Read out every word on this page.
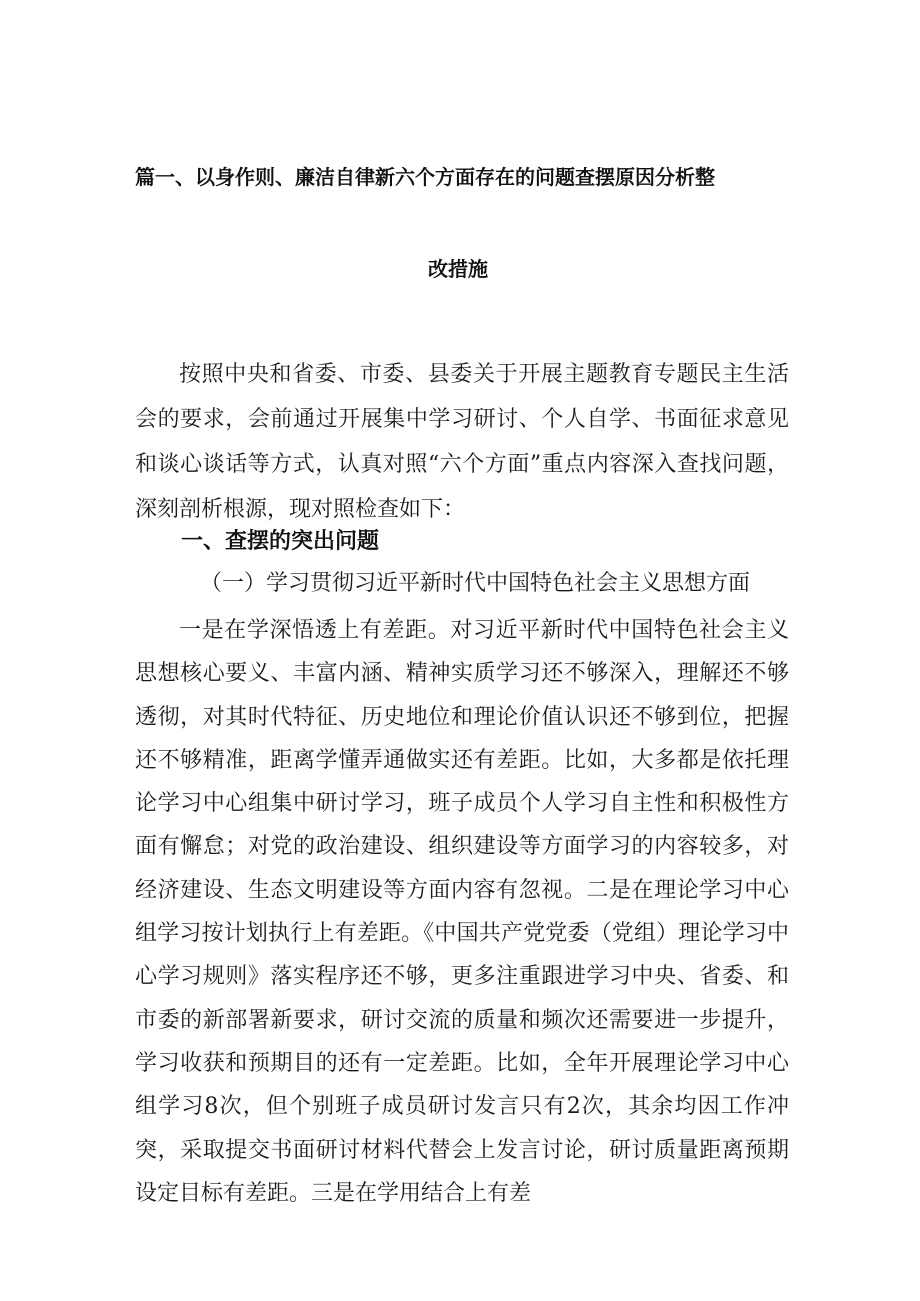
篇一、以身作则、廉洁自律新六个方面存在的问题查摆原因分析整
改措施

按照中央和省委、市委、县委关于开展主题教育专题民主生活会的要求，会前通过开展集中学习研讨、个人自学、书面征求意见和谈心谈话等方式，认真对照“六个方面”重点内容深入查找问题，深刻剖析根源，现对照检查如下：

一、查摆的突出问题
（一）学习贯彻习近平新时代中国特色社会主义思想方面

一是在学深悟透上有差距。对习近平新时代中国特色社会主义思想核心要义、丰富内涵、精神实质学习还不够深入，理解还不够透彻，对其时代特征、历史地位和理论价值认识还不够到位，把握还不够精准，距离学懂弄通做实还有差距。比如，大多都是依托理论学习中心组集中研讨学习，班子成员个人学习自主性和积极性方面有懈怠；对党的政治建设、组织建设等方面学习的内容较多，对经济建设、生态文明建设等方面内容有忽视。二是在理论学习中心组学习按计划执行上有差距。《中国共产党党委（党组）理论学习中心学习规则》落实程序还不够，更多注重跟进学习中央、省委、和市委的新部署新要求，研讨交流的质量和频次还需要进一步提升，学习收获和预期目的还有一定差距。比如，全年开展理论学习中心组学习8次，但个别班子成员研讨发言只有2次，其余均因工作冲突，采取提交书面研讨材料代替会上发言讨论，研讨质量距离预期设定目标有差距。三是在学用结合上有差
